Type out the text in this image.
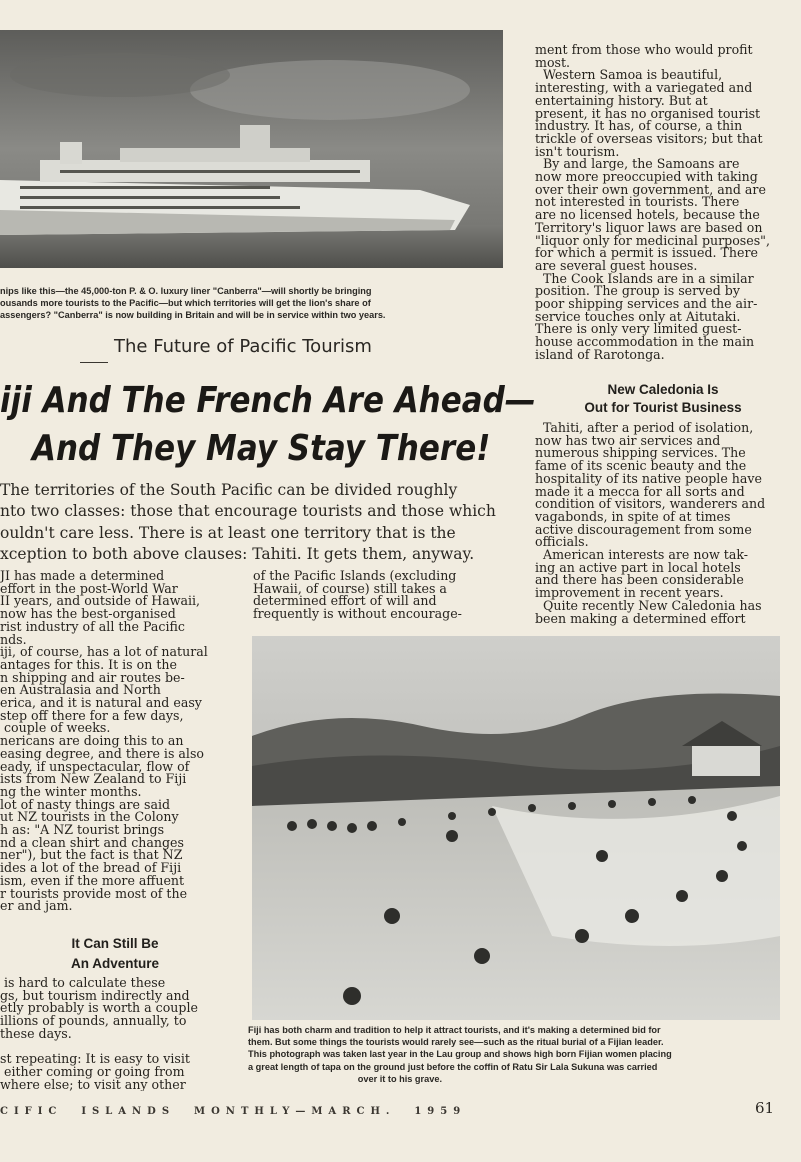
nips like this—the 45,000-ton P. & O. luxury liner "Canberra"—will shortly be bringing
ousands more tourists to the Pacific—but which territories will get the lion's share of
assengers? "Canberra" is now building in Britain and will be in service within two years.
The Future of Pacific Tourism
iji And The French Are Ahead—
And They May Stay There!
The territories of the South Pacific can be divided roughly
nto two classes: those that encourage tourists and those which
ouldn't care less. There is at least one territory that is the
xception to both above clauses: Tahiti. It gets them, anyway.
JI has made a determined
effort in the post-World War
II years, and outside of Hawaii,
now has the best-organised
rist industry of all the Pacific
nds.
iji, of course, has a lot of natural
antages for this. It is on the
n shipping and air routes be-
en Australasia and North
erica, and it is natural and easy
step off there for a few days,
couple of weeks.
nericans are doing this to an
easing degree, and there is also
eady, if unspectacular, flow of
ists from New Zealand to Fiji
ng the winter months.
lot of nasty things are said
ut NZ tourists in the Colony
h as: "A NZ tourist brings
nd a clean shirt and changes
ner"), but the fact is that NZ
ides a lot of the bread of Fiji
ism, even if the more affuent
r tourists provide most of the
er and jam.
It Can Still Be
An Adventure
is hard to calculate these
gs, but tourism indirectly and
etly probably is worth a couple
illions of pounds, annually, to
these days.

st repeating: It is easy to visit
either coming or going from
where else; to visit any other
of the Pacific Islands (excluding
Hawaii, of course) still takes a
determined effort of will and
frequently is without encourage-
ment from those who would profit
most.
Western Samoa is beautiful,
interesting, with a variegated and
entertaining history. But at
present, it has no organised tourist
industry. It has, of course, a thin
trickle of overseas visitors; but that
isn't tourism.
By and large, the Samoans are
now more preoccupied with taking
over their own government, and are
not interested in tourists. There
are no licensed hotels, because the
Territory's liquor laws are based on
"liquor only for medicinal purposes",
for which a permit is issued. There
are several guest houses.
The Cook Islands are in a similar
position. The group is served by
poor shipping services and the air-
service touches only at Aitutaki.
There is only very limited guest-
house accommodation in the main
island of Rarotonga.
New Caledonia Is
Out for Tourist Business
Tahiti, after a period of isolation,
now has two air services and
numerous shipping services. The
fame of its scenic beauty and the
hospitality of its native people have
made it a mecca for all sorts and
condition of visitors, wanderers and
vagabonds, in spite of at times
active discouragement from some
officials.
American interests are now tak-
ing an active part in local hotels
and there has been considerable
improvement in recent years.
Quite recently New Caledonia has
been making a determined effort
Fiji has both charm and tradition to help it attract tourists, and it's making a determined bid for
them. But some things the tourists would rarely see—such as the ritual burial of a Fijian leader.
This photograph was taken last year in the Lau group and shows high born Fijian women placing
a great length of tapa on the ground just before the coffin of Ratu Sir Lala Sukuna was carried
over it to his grave.
CIFIC  ISLANDS  MONTHLY—MARCH.  1959	61
